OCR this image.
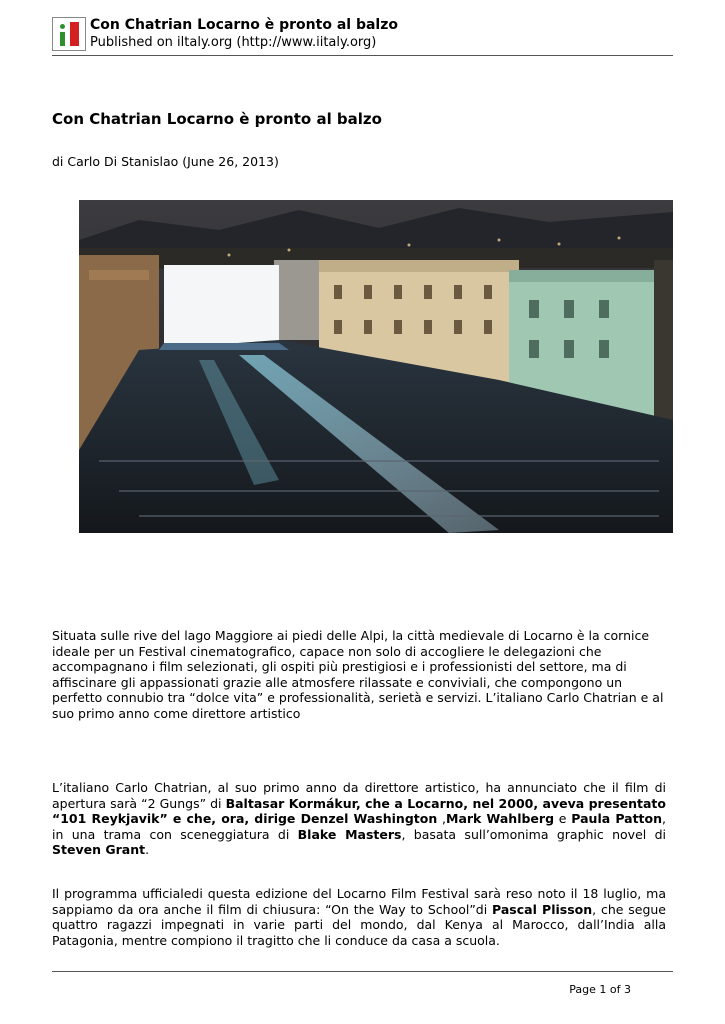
Con Chatrian Locarno è pronto al balzo
Published on iltaly.org (http://www.iitaly.org)
Con Chatrian Locarno è pronto al balzo
di Carlo Di Stanislao (June 26, 2013)

Situata sulle rive del lago Maggiore ai piedi delle Alpi, la città medievale di Locarno è la cornice ideale per un Festival cinematografico, capace non solo di accogliere le delegazioni che accompagnano i film selezionati, gli ospiti più prestigiosi e i professionisti del settore, ma di affiscinare gli appassionati grazie alle atmosfere rilassate e conviviali, che compongono un perfetto connubio tra “dolce vita” e professionalità, serietà e servizi. L’italiano Carlo Chatrian e al suo primo anno come direttore artistico

L’italiano Carlo Chatrian, al suo primo anno da direttore artistico, ha annunciato che il film di apertura sarà “2 Gungs” di Baltasar Kormákur, che a Locarno, nel 2000, aveva presentato “101 Reykjavik” e che, ora, dirige Denzel Washington ,Mark Wahlberg e Paula Patton, in una trama con sceneggiatura di Blake Masters, basata sull’omonima graphic novel di Steven Grant.

Il programma ufficialedi questa edizione del Locarno Film Festival sarà reso noto il 18 luglio, ma sappiamo da ora anche il film di chiusura: “On the Way to School”di Pascal Plisson, che segue quattro ragazzi impegnati in varie parti del mondo, dal Kenya al Marocco, dall’India alla Patagonia, mentre compiono il tragitto che li conduce da casa a scuola.

Page 1 of 3
